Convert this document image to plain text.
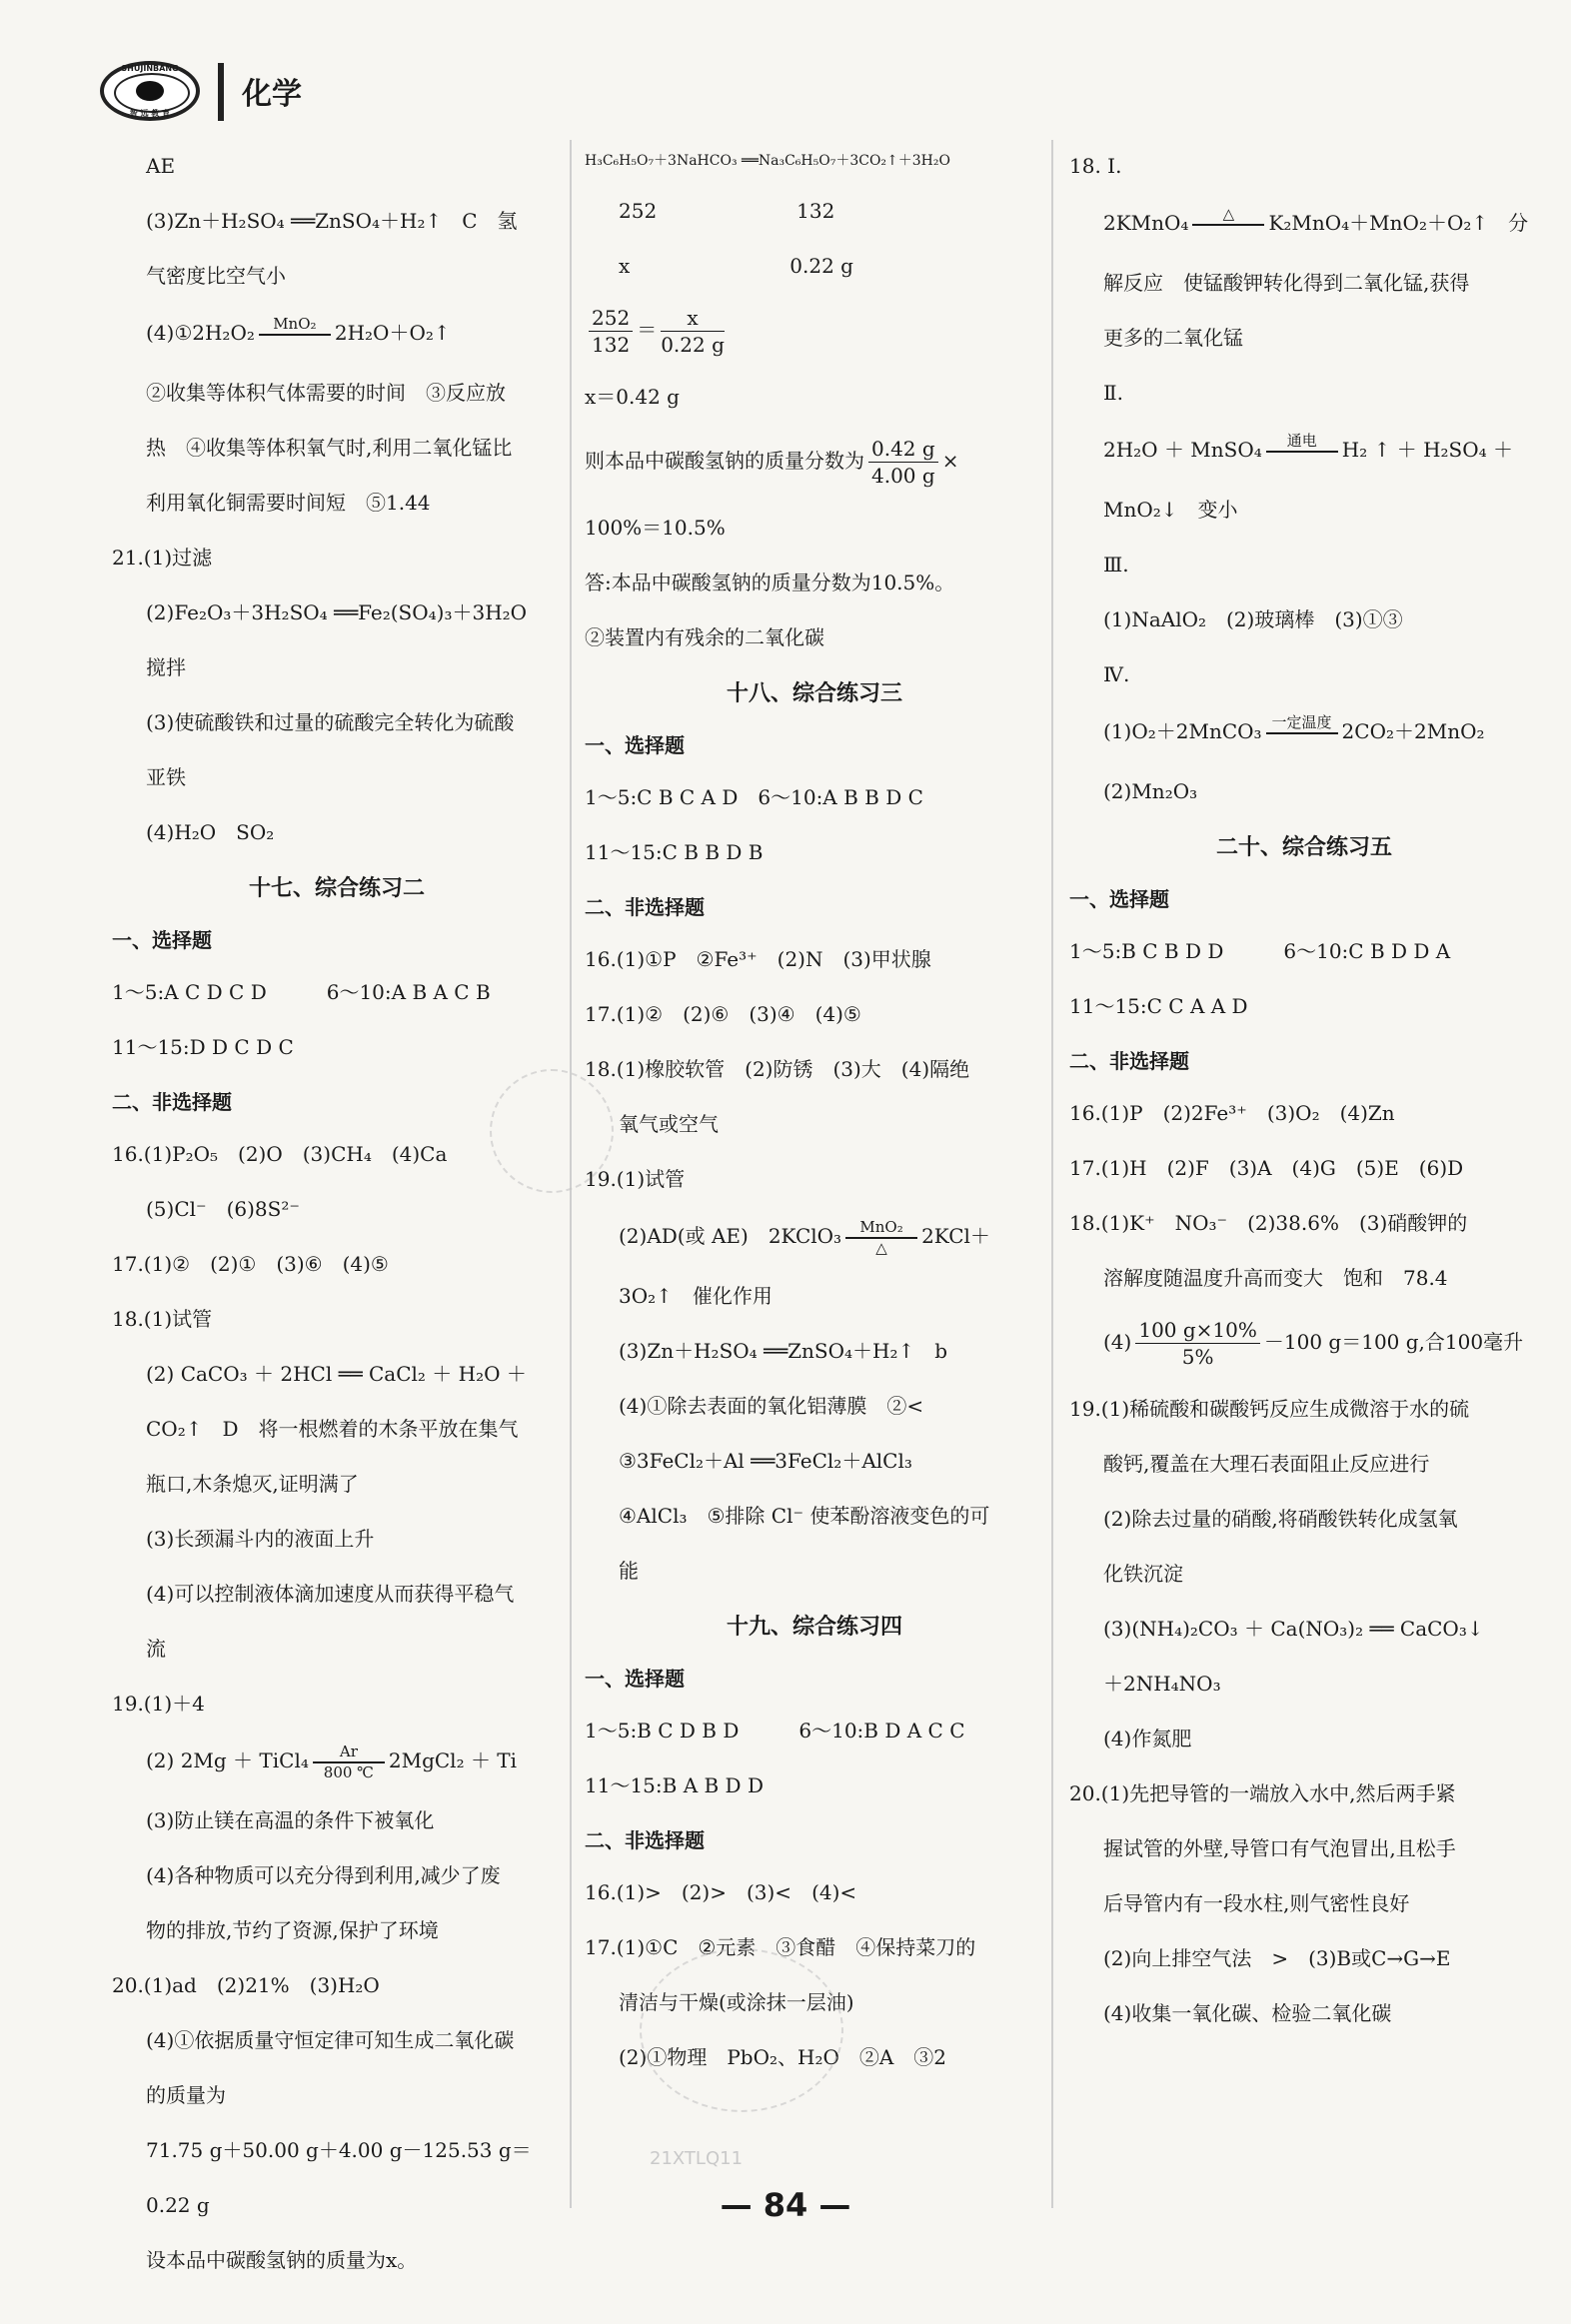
SHUJINBANG
智 远 教 育
化学
AE
(3)Zn＋H₂SO₄ ══ZnSO₄＋H₂↑　C　氢
气密度比空气小
(4)①2H₂O₂	MnO₂
2H₂O＋O₂↑
②收集等体积气体需要的时间　③反应放
热　④收集等体积氧气时,利用二氧化锰比
利用氧化铜需要时间短　⑤1.44
21.(1)过滤
(2)Fe₂O₃＋3H₂SO₄ ══Fe₂(SO₄)₃＋3H₂O
搅拌
(3)使硫酸铁和过量的硫酸完全转化为硫酸
亚铁
(4)H₂O　SO₂
十七、综合练习二
一、选择题
1～5:A C D C D　　　6～10:A B A C B
11～15:D D C D C
二、非选择题
16.(1)P₂O₅　(2)O　(3)CH₄　(4)Ca
(5)Cl⁻　(6)8S²⁻
17.(1)②　(2)①　(3)⑥　(4)⑤
18.(1)试管
(2) CaCO₃ ＋ 2HCl ══ CaCl₂ ＋ H₂O ＋
CO₂↑　D　将一根燃着的木条平放在集气
瓶口,木条熄灭,证明满了
(3)长颈漏斗内的液面上升
(4)可以控制液体滴加速度从而获得平稳气
流
19.(1)＋4
(2) 2Mg ＋ TiCl₄ $\frac{Ar}{800 ℃}$ 2MgCl₂ ＋ Ti
(3)防止镁在高温的条件下被氧化
(4)各种物质可以充分得到利用,减少了废
物的排放,节约了资源,保护了环境
20.(1)ad　(2)21%　(3)H₂O
(4)①依据质量守恒定律可知生成二氧化碳
的质量为
71.75 g＋50.00 g＋4.00 g－125.53 g＝
0.22 g
设本品中碳酸氢钠的质量为x。
H₃C₆H₅O₇＋3NaHCO₃ ══Na₃C₆H₅O₇＋3CO₂↑＋3H₂O
252　　　　　　　132
x　　　　　　　　0.22 g
$\frac{252}{132} = \frac{x}{0.22 g}$
x＝0.42 g
则本品中碳酸氢钠的质量分数为 $\frac{0.42 g}{4.00 g}$ ×
100%＝10.5%
答:本品中碳酸氢钠的质量分数为10.5%。
②装置内有残余的二氧化碳
十八、综合练习三
一、选择题
1～5:C B C A D　6～10:A B B D C
11～15:C B B D B
二、非选择题
16.(1)①P　②Fe³⁺　(2)N　(3)甲状腺
17.(1)②　(2)⑥　(3)④　(4)⑤
18.(1)橡胶软管　(2)防锈　(3)大　(4)隔绝
氧气或空气
19.(1)试管
(2)AD(或 AE)　2KClO₃	MnO₂
△	2KCl＋
3O₂↑　催化作用
(3)Zn＋H₂SO₄ ══ZnSO₄＋H₂↑　b
(4)①除去表面的氧化铝薄膜　②<
③3FeCl₂＋Al ══3FeCl₂＋AlCl₃
④AlCl₃　⑤排除 Cl⁻ 使苯酚溶液变色的可
能
十九、综合练习四
一、选择题
1～5:B C D B D　　　6～10:B D A C C
11～15:B A B D D
二、非选择题
16.(1)>　(2)>　(3)<　(4)<
17.(1)①C　②元素　③食醋　④保持菜刀的
清洁与干燥(或涂抹一层油)
(2)①物理　PbO₂、H₂O　②A　③2
18. Ⅰ.
2KMnO₄	△
	K₂MnO₄＋MnO₂＋O₂↑　分
解反应　使锰酸钾转化得到二氧化锰,获得
更多的二氧化锰
Ⅱ.
2H₂O ＋ MnSO₄	通电
	H₂ ↑ ＋ H₂SO₄ ＋
MnO₂↓　变小
Ⅲ.
(1)NaAlO₂　(2)玻璃棒　(3)①③
Ⅳ.
(1)O₂＋2MnCO₃ 一定温度
2CO₂＋2MnO₂
(2)Mn₂O₃
二十、综合练习五
一、选择题
1～5:B C B D D　　　6～10:C B D D A
11～15:C C A A D
二、非选择题
16.(1)P　(2)2Fe³⁺　(3)O₂　(4)Zn
17.(1)H　(2)F　(3)A　(4)G　(5)E　(6)D
18.(1)K⁺　NO₃⁻　(2)38.6%　(3)硝酸钾的
溶解度随温度升高而变大　饱和　78.4
$(4) \frac{100 g\times 10\%}{5\%} -100$ g＝100 g,合100毫升
19.(1)稀硫酸和碳酸钙反应生成微溶于水的硫
酸钙,覆盖在大理石表面阻止反应进行
(2)除去过量的硝酸,将硝酸铁转化成氢氧
化铁沉淀
(3)(NH₄)₂CO₃ ＋ Ca(NO₃)₂ ══ CaCO₃↓
＋2NH₄NO₃
(4)作氮肥
20.(1)先把导管的一端放入水中,然后两手紧
握试管的外壁,导管口有气泡冒出,且松手
后导管内有一段水柱,则气密性良好
(2)向上排空气法　>　(3)B或C→G→E
(4)收集一氧化碳、检验二氧化碳
21XTLQ11
— 84 —
